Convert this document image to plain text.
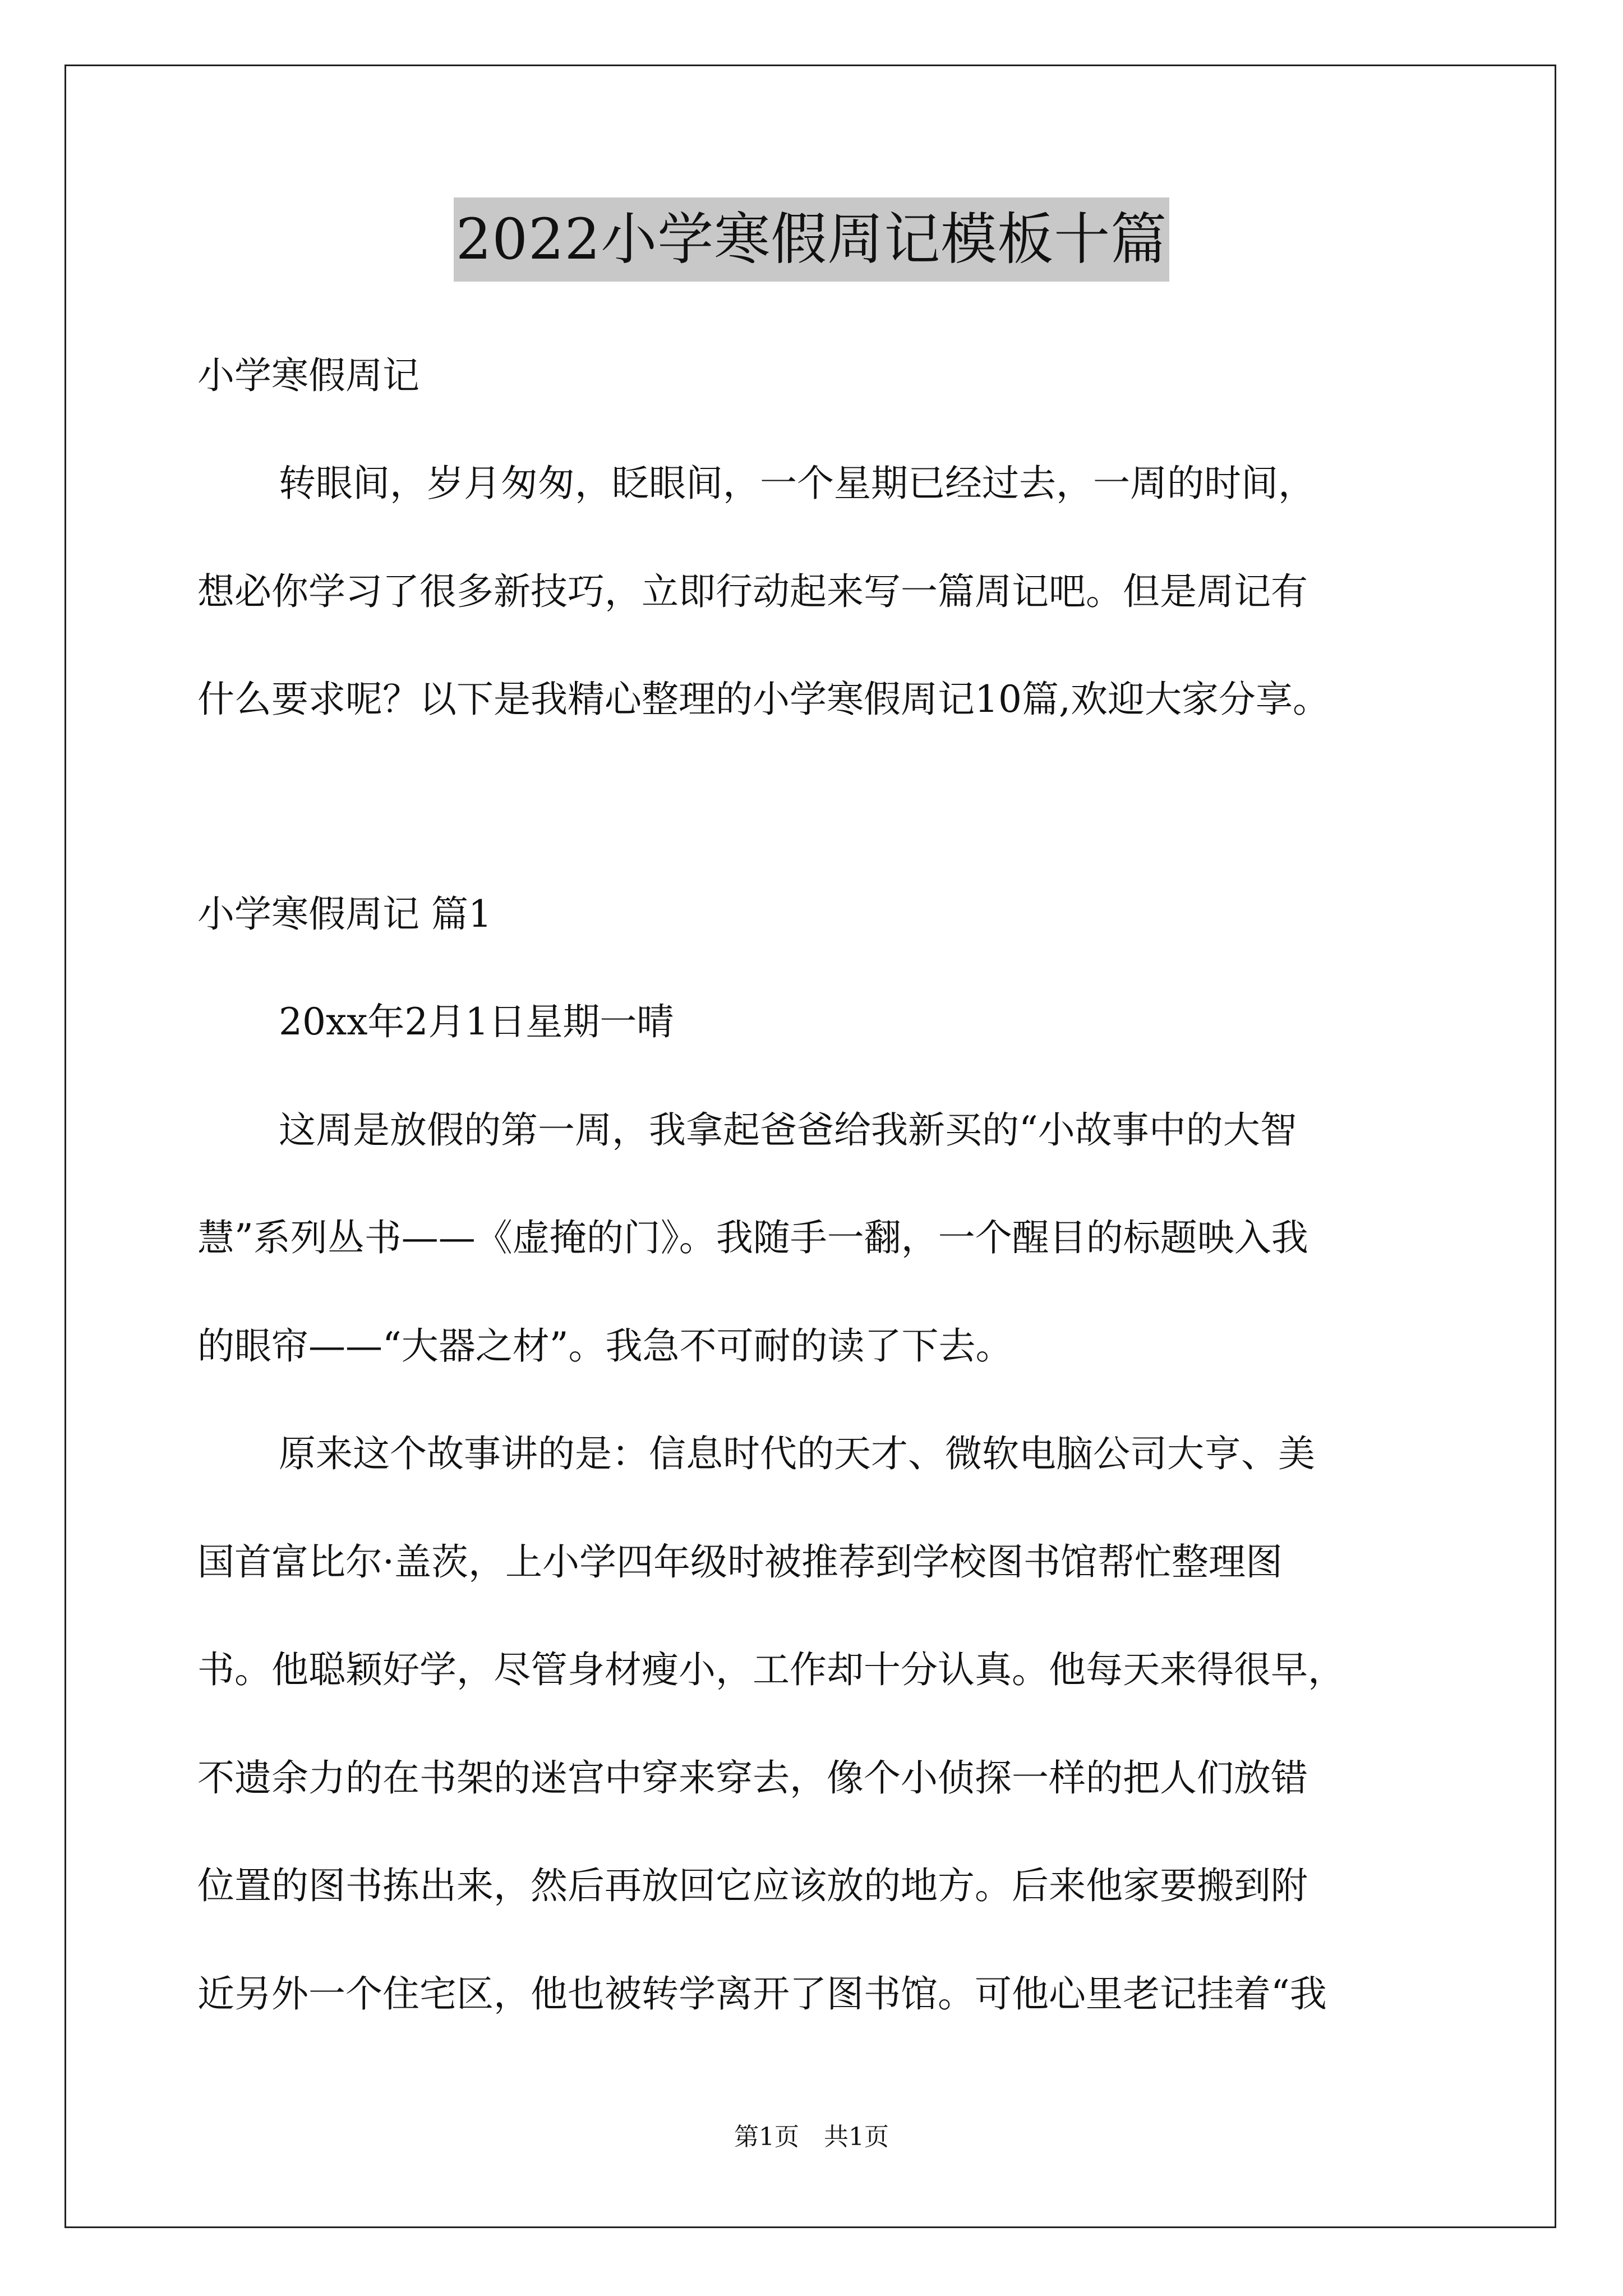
2022小学寒假周记模板十篇
小学寒假周记
转眼间，岁月匆匆，眨眼间，一个星期已经过去，一周的时间，
想必你学习了很多新技巧，立即行动起来写一篇周记吧。但是周记有
什么要求呢？以下是我精心整理的小学寒假周记10篇,欢迎大家分享。
小学寒假周记 篇1
20xx年2月1日星期一晴
这周是放假的第一周，我拿起爸爸给我新买的“小故事中的大智
慧”系列丛书——《虚掩的门》。我随手一翻，一个醒目的标题映入我
的眼帘——“大器之材”。我急不可耐的读了下去。
原来这个故事讲的是：信息时代的天才、微软电脑公司大亨、美
国首富比尔·盖茨，上小学四年级时被推荐到学校图书馆帮忙整理图
书。他聪颖好学，尽管身材瘦小，工作却十分认真。他每天来得很早，
不遗余力的在书架的迷宫中穿来穿去，像个小侦探一样的把人们放错
位置的图书拣出来，然后再放回它应该放的地方。后来他家要搬到附
近另外一个住宅区，他也被转学离开了图书馆。可他心里老记挂着“我
第1页　共1页
